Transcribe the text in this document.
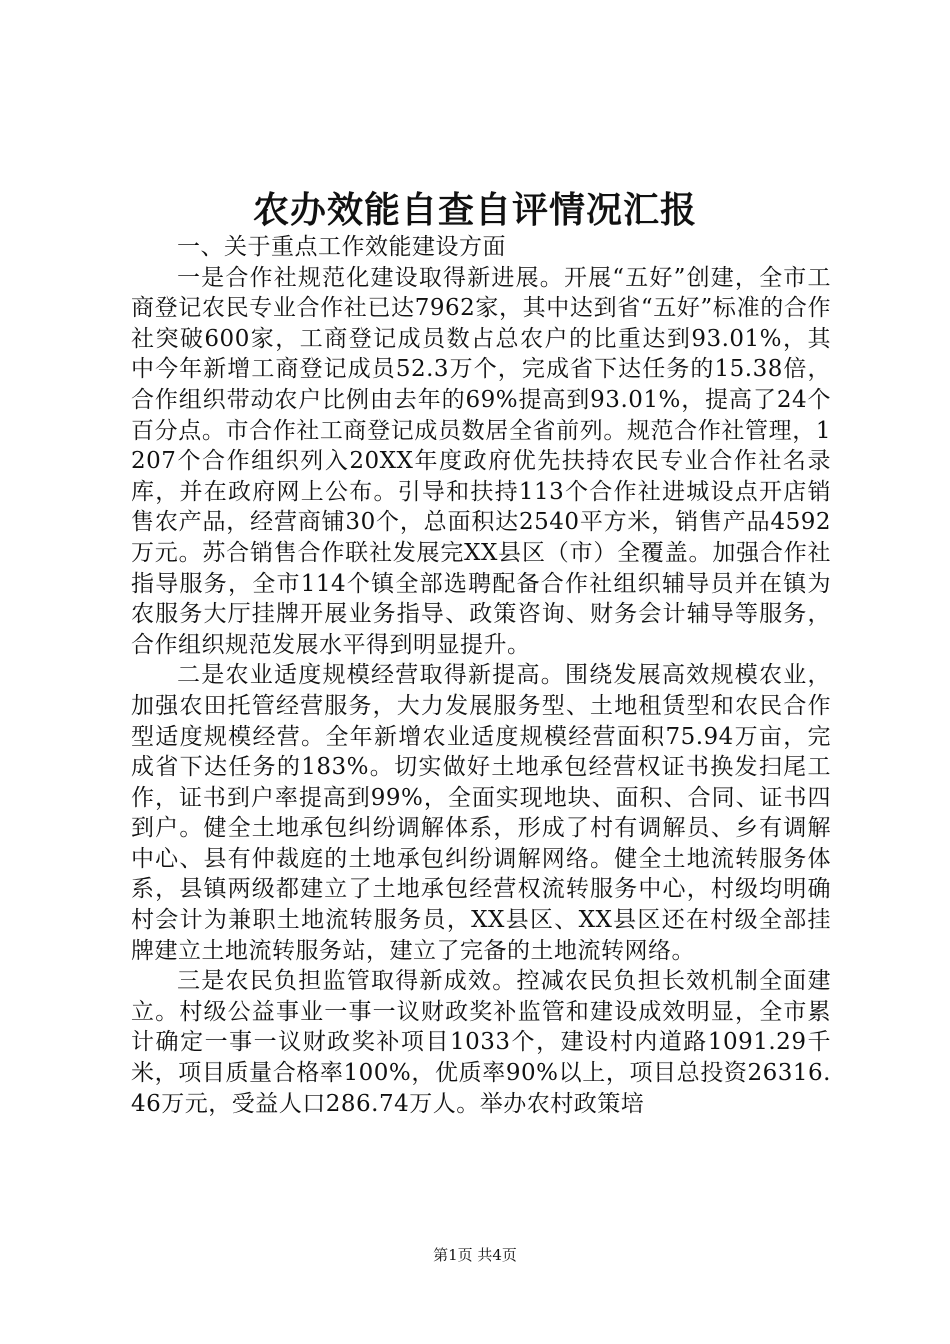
农办效能自查自评情况汇报

一、关于重点工作效能建设方面

一是合作社规范化建设取得新进展。开展“五好”创建，全市工商登记农民专业合作社已达7962家，其中达到省“五好”标准的合作社突破600家，工商登记成员数占总农户的比重达到93.01%，其中今年新增工商登记成员52.3万个，完成省下达任务的15.38倍，合作组织带动农户比例由去年的69%提高到93.01%，提高了24个百分点。市合作社工商登记成员数居全省前列。规范合作社管理，1207个合作组织列入20XX年度政府优先扶持农民专业合作社名录库，并在政府网上公布。引导和扶持113个合作社进城设点开店销售农产品，经营商铺30个，总面积达2540平方米，销售产品4592万元。苏合销售合作联社发展完XX县区（市）全覆盖。加强合作社指导服务，全市114个镇全部选聘配备合作社组织辅导员并在镇为农服务大厅挂牌开展业务指导、政策咨询、财务会计辅导等服务，合作组织规范发展水平得到明显提升。

二是农业适度规模经营取得新提高。围绕发展高效规模农业，加强农田托管经营服务，大力发展服务型、土地租赁型和农民合作型适度规模经营。全年新增农业适度规模经营面积75.94万亩，完成省下达任务的183%。切实做好土地承包经营权证书换发扫尾工作，证书到户率提高到99%，全面实现地块、面积、合同、证书四到户。健全土地承包纠纷调解体系，形成了村有调解员、乡有调解中心、县有仲裁庭的土地承包纠纷调解网络。健全土地流转服务体系，县镇两级都建立了土地承包经营权流转服务中心，村级均明确村会计为兼职土地流转服务员，XX县区、XX县区还在村级全部挂牌建立土地流转服务站，建立了完备的土地流转网络。

三是农民负担监管取得新成效。控减农民负担长效机制全面建立。村级公益事业一事一议财政奖补监管和建设成效明显，全市累计确定一事一议财政奖补项目1033个，建设村内道路1091.29千米，项目质量合格率100%，优质率90%以上，项目总投资26316.46万元，受益人口286.74万人。举办农村政策培

第1页 共4页
